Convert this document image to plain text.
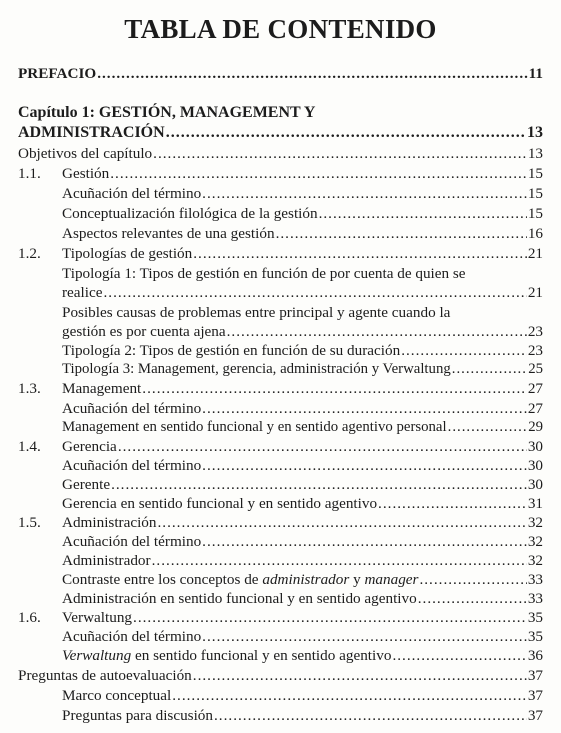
TABLA DE CONTENIDO
PREFACIO .....	11
Capítulo 1: GESTIÓN, MANAGEMENT Y
ADMINISTRACIÓN .....	13
Objetivos del capítulo .....	13
1.1. Gestión .....	15
Acuñación del término .....	15
Conceptualización filológica de la gestión .....	15
Aspectos relevantes de una gestión .....	16
1.2. Tipologías de gestión .....	21
Tipología 1: Tipos de gestión en función de por cuenta de quien se
realice .....	21
Posibles causas de problemas entre principal y agente cuando la
gestión es por cuenta ajena .....	23
Tipología 2: Tipos de gestión en función de su duración .....	23
Tipología 3: Management, gerencia, administración y Verwaltung .....	25
1.3. Management .....	27
Acuñación del término .....	27
Management en sentido funcional y en sentido agentivo personal .....	29
1.4. Gerencia .....	30
Acuñación del término .....	30
Gerente .....	30
Gerencia en sentido funcional y en sentido agentivo .....	31
1.5. Administración .....	32
Acuñación del término .....	32
Administrador .....	32
Contraste entre los conceptos de administrador y manager .....	33
Administración en sentido funcional y en sentido agentivo .....	33
1.6. Verwaltung .....	35
Acuñación del término .....	35
Verwaltung en sentido funcional y en sentido agentivo .....	36
Preguntas de autoevaluación .....	37
Marco conceptual .....	37
Preguntas para discusión .....	37
